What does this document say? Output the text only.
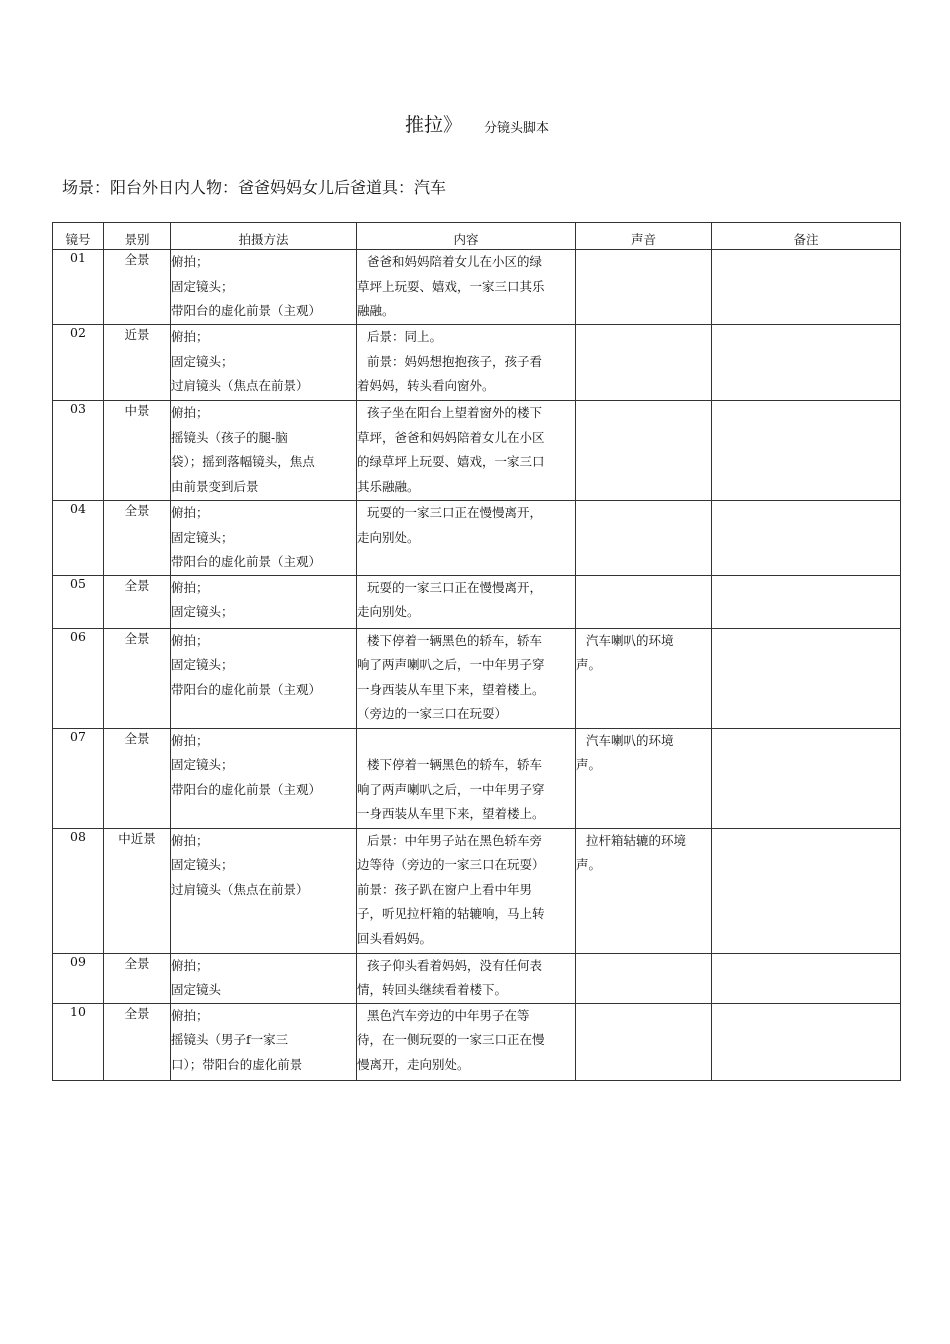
推拉》 分镜头脚本
场景：阳台外日内人物：爸爸妈妈女儿后爸道具：汽车
镜号	景别	拍摄方法	内容	声音	备注
01	全景	俯拍；
固定镜头；
带阳台的虚化前景（主观）	爸爸和妈妈陪着女儿在小区的绿
草坪上玩耍、嬉戏，一家三口其乐
融融。		

02	近景	俯拍；
固定镜头；
过肩镜头（焦点在前景）	后景：同上。
前景：妈妈想抱抱孩子，孩子看
着妈妈，转头看向窗外。		

03	中景	俯拍；
摇镜头（孩子的腿-脑
袋）；摇到落幅镜头，焦点
由前景变到后景	孩子坐在阳台上望着窗外的楼下
草坪，爸爸和妈妈陪着女儿在小区
的绿草坪上玩耍、嬉戏，一家三口
其乐融融。		

04	全景	俯拍；
固定镜头；
带阳台的虚化前景（主观）	玩耍的一家三口正在慢慢离开，
走向别处。		

05	全景	俯拍；
固定镜头；	玩耍的一家三口正在慢慢离开，
走向别处。		

06	全景	俯拍；
固定镜头；
带阳台的虚化前景（主观）	楼下停着一辆黑色的轿车，轿车
响了两声喇叭之后，一中年男子穿
一身西装从车里下来，望着楼上。
（旁边的一家三口在玩耍）	汽车喇叭的环境
声。	

07	全景	俯拍；
固定镜头；
带阳台的虚化前景（主观）	楼下停着一辆黑色的轿车，轿车
响了两声喇叭之后，一中年男子穿
一身西装从车里下来，望着楼上。	汽车喇叭的环境
声。	

08	中近景	俯拍；
固定镜头；
过肩镜头（焦点在前景）	后景：中年男子站在黑色轿车旁
边等待（旁边的一家三口在玩耍）
前景：孩子趴在窗户上看中年男
子，听见拉杆箱的轱辘响，马上转
回头看妈妈。	拉杆箱轱辘的环境
声。	

09	全景	俯拍；
固定镜头	孩子仰头看着妈妈，没有任何表
情，转回头继续看着楼下。		

10	全景	俯拍；
摇镜头（男子f一家三
口）；带阳台的虚化前景	黑色汽车旁边的中年男子在等
待，在一侧玩耍的一家三口正在慢
慢离开，走向别处。		
